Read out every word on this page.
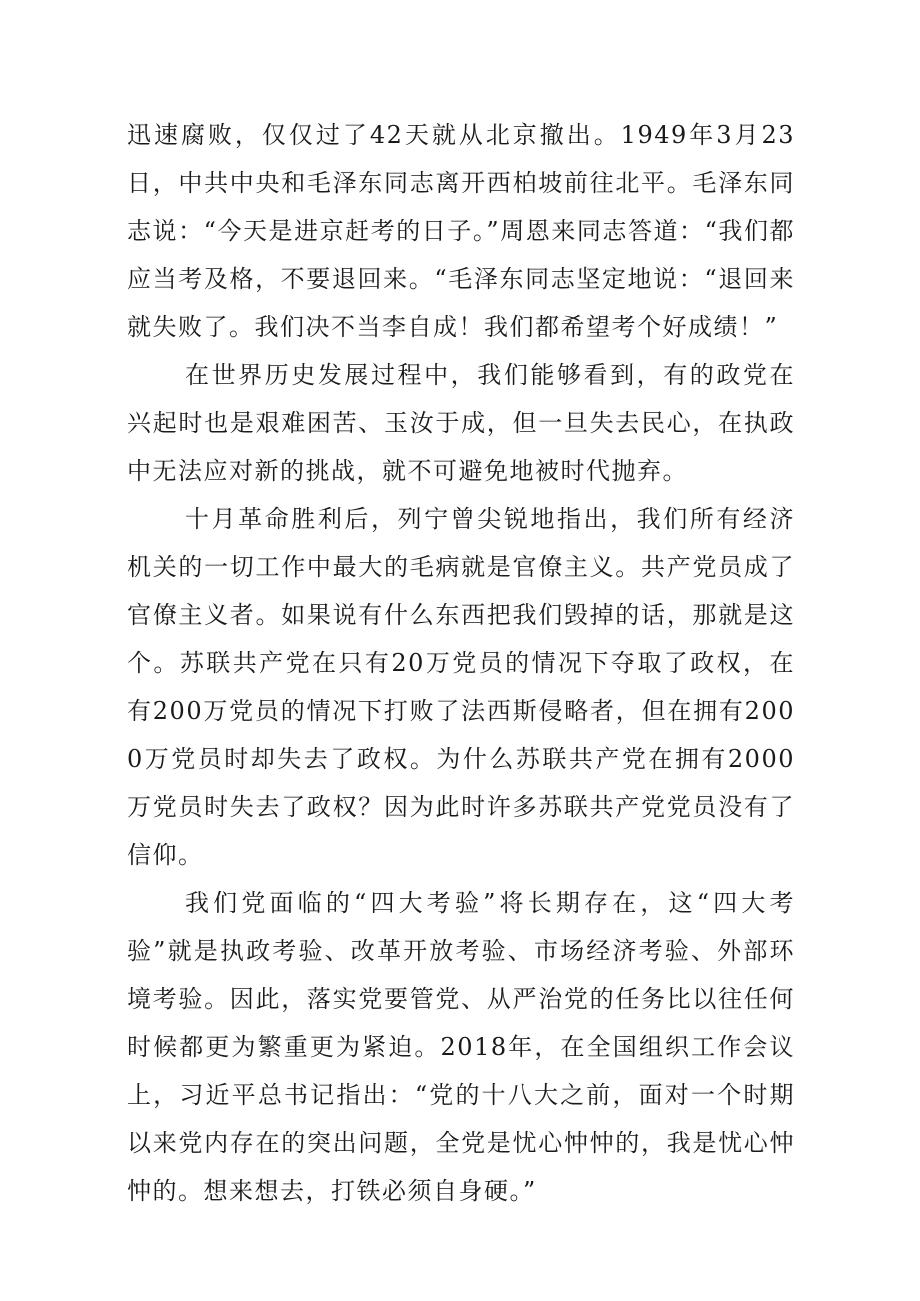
迅速腐败，仅仅过了42天就从北京撤出。1949年3月23日，中共中央和毛泽东同志离开西柏坡前往北平。毛泽东同志说：“今天是进京赶考的日子。”周恩来同志答道：“我们都应当考及格，不要退回来。“毛泽东同志坚定地说：“退回来就失败了。我们决不当李自成！我们都希望考个好成绩！”

在世界历史发展过程中，我们能够看到，有的政党在兴起时也是艰难困苦、玉汝于成，但一旦失去民心，在执政中无法应对新的挑战，就不可避免地被时代抛弃。

十月革命胜利后，列宁曾尖锐地指出，我们所有经济机关的一切工作中最大的毛病就是官僚主义。共产党员成了官僚主义者。如果说有什么东西把我们毁掉的话，那就是这个。苏联共产党在只有20万党员的情况下夺取了政权，在有200万党员的情况下打败了法西斯侵略者，但在拥有2000万党员时却失去了政权。为什么苏联共产党在拥有2000万党员时失去了政权？因为此时许多苏联共产党党员没有了信仰。

我们党面临的“四大考验”将长期存在，这“四大考验”就是执政考验、改革开放考验、市场经济考验、外部环境考验。因此，落实党要管党、从严治党的任务比以往任何时候都更为繁重更为紧迫。2018年，在全国组织工作会议上，习近平总书记指出：“党的十八大之前，面对一个时期以来党内存在的突出问题，全党是忧心忡忡的，我是忧心忡忡的。想来想去，打铁必须自身硬。”
